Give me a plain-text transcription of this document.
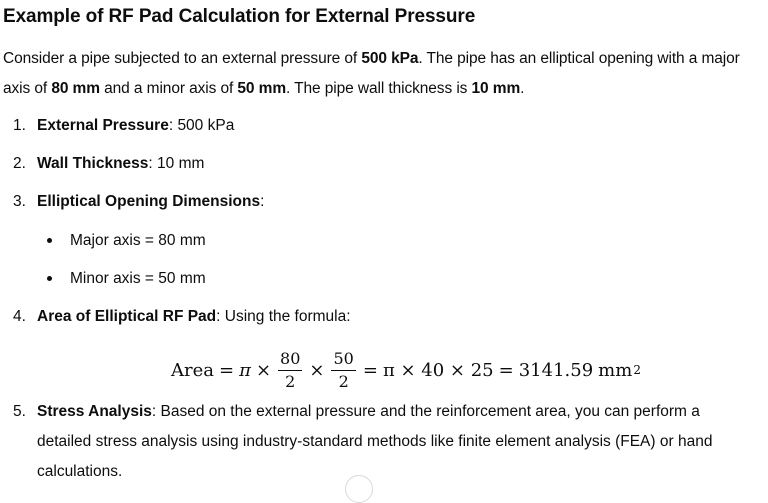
Example of RF Pad Calculation for External Pressure

Consider a pipe subjected to an external pressure of 500 kPa. The pipe has an elliptical opening with a major axis of 80 mm and a minor axis of 50 mm. The pipe wall thickness is 10 mm.

1. External Pressure: 500 kPa
2. Wall Thickness: 10 mm
3. Elliptical Opening Dimensions:
Major axis = 80 mm
Minor axis = 50 mm
4. Area of Elliptical RF Pad: Using the formula:
Area = $\pi \times \frac{80}{2} \times \frac{50}{2} = \pi \times 40 \times 25 = 3141.59$ mm 2
5. Stress Analysis: Based on the external pressure and the reinforcement area, you can perform a detailed stress analysis using industry-standard methods like finite element analysis (FEA) or hand calculations.
